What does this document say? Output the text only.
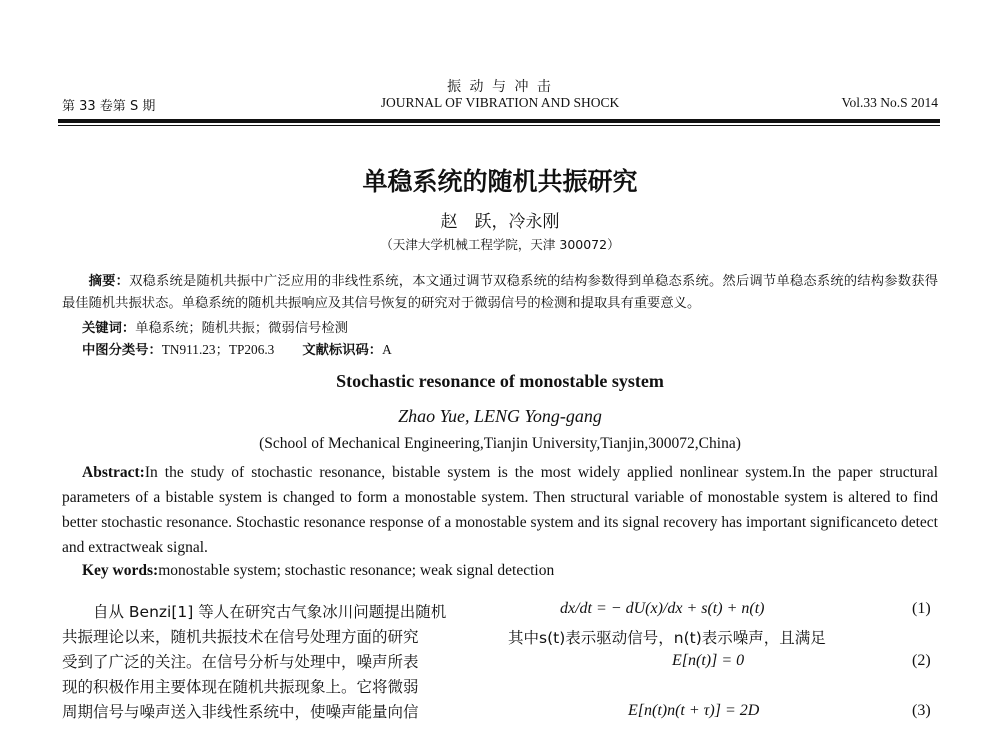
振 动 与 冲 击
第 33 卷第 S 期	JOURNAL OF VIBRATION AND SHOCK	Vol.33 No.S 2014
单稳系统的随机共振研究
赵　跃，冷永刚
（天津大学机械工程学院，天津 300072）
摘要：双稳系统是随机共振中广泛应用的非线性系统，本文通过调节双稳系统的结构参数得到单稳态系统。然后调节单稳态系统的结构参数获得最佳随机共振状态。单稳系统的随机共振响应及其信号恢复的研究对于微弱信号的检测和提取具有重要意义。
关键词：单稳系统；随机共振；微弱信号检测
中图分类号：TN911.23；TP206.3 文献标识码：A
Stochastic resonance of monostable system
Zhao Yue, LENG Yong-gang
(School of Mechanical Engineering,Tianjin University,Tianjin,300072,China)
Abstract:In the study of stochastic resonance, bistable system is the most widely applied nonlinear system.In the paper structural parameters of a bistable system is changed to form a monostable system. Then structural variable of monostable system is altered to find better stochastic resonance. Stochastic resonance response of a monostable system and its signal recovery has important significanceto detect and extractweak signal.
Key words:monostable system; stochastic resonance; weak signal detection
自从 Benzi[1] 等人在研究古气象冰川问题提出随机
共振理论以来，随机共振技术在信号处理方面的研究
受到了广泛的关注。在信号分析与处理中，噪声所表
现的积极作用主要体现在随机共振现象上。它将微弱
周期信号与噪声送入非线性系统中，使噪声能量向信
dx/dt = − dU(x)/dx + s(t) + n(t)	(1)
其中s(t)表示驱动信号，n(t)表示噪声，且满足
E[n(t)] = 0	(2)
E[n(t)n(t + τ)] = 2D	(3)
